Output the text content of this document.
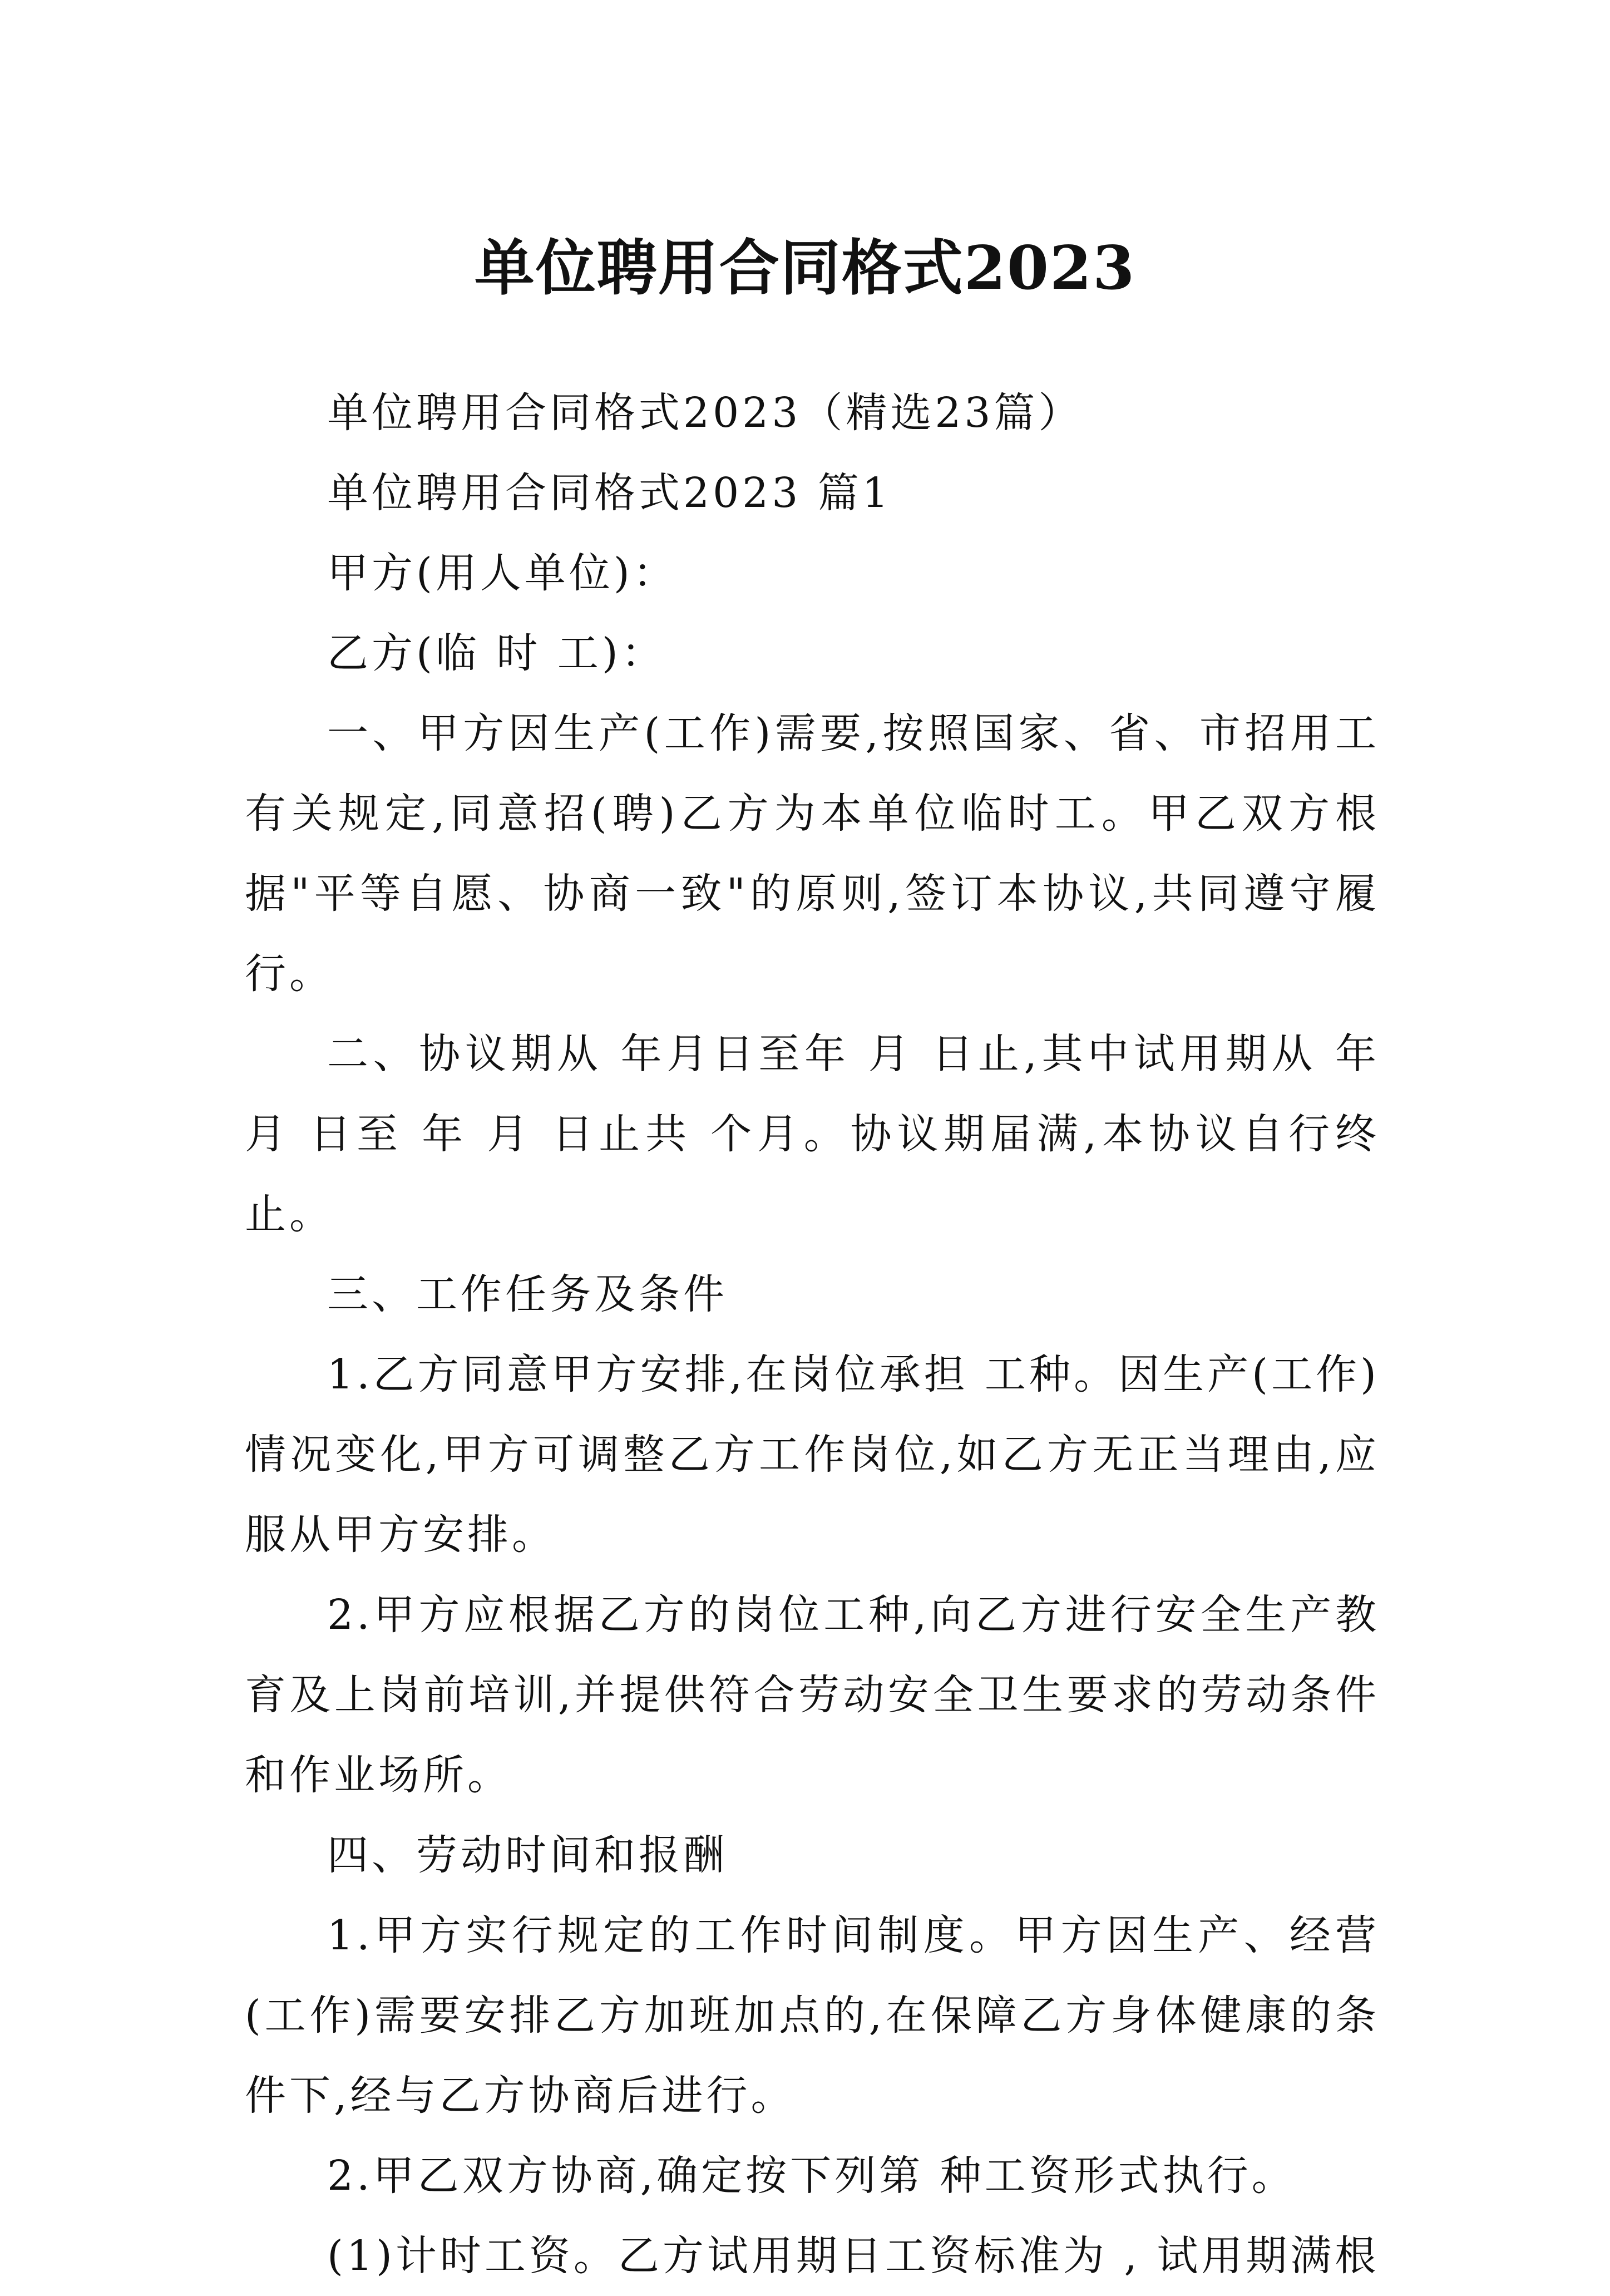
单位聘用合同格式2023

单位聘用合同格式2023（精选23篇）

单位聘用合同格式2023 篇1

甲方(用人单位)：

乙方(临 时 工)：

一、甲方因生产(工作)需要,按照国家、省、市招用工有关规定,同意招(聘)乙方为本单位临时工。甲乙双方根据"平等自愿、协商一致"的原则,签订本协议,共同遵守履行。

二、协议期从 年月日至年 月 日止,其中试用期从 年月 日至 年 月 日止共 个月。协议期届满,本协议自行终止。

三、工作任务及条件

1.乙方同意甲方安排,在岗位承担 工种。因生产(工作)情况变化,甲方可调整乙方工作岗位,如乙方无正当理由,应服从甲方安排。

2.甲方应根据乙方的岗位工种,向乙方进行安全生产教育及上岗前培训,并提供符合劳动安全卫生要求的劳动条件和作业场所。

四、劳动时间和报酬

1.甲方实行规定的工作时间制度。甲方因生产、经营(工作)需要安排乙方加班加点的,在保障乙方身体健康的条件下,经与乙方协商后进行。

2.甲乙双方协商,确定按下列第 种工资形式执行。

(1)计时工资。乙方试用期日工资标准为 , 试用期满根
